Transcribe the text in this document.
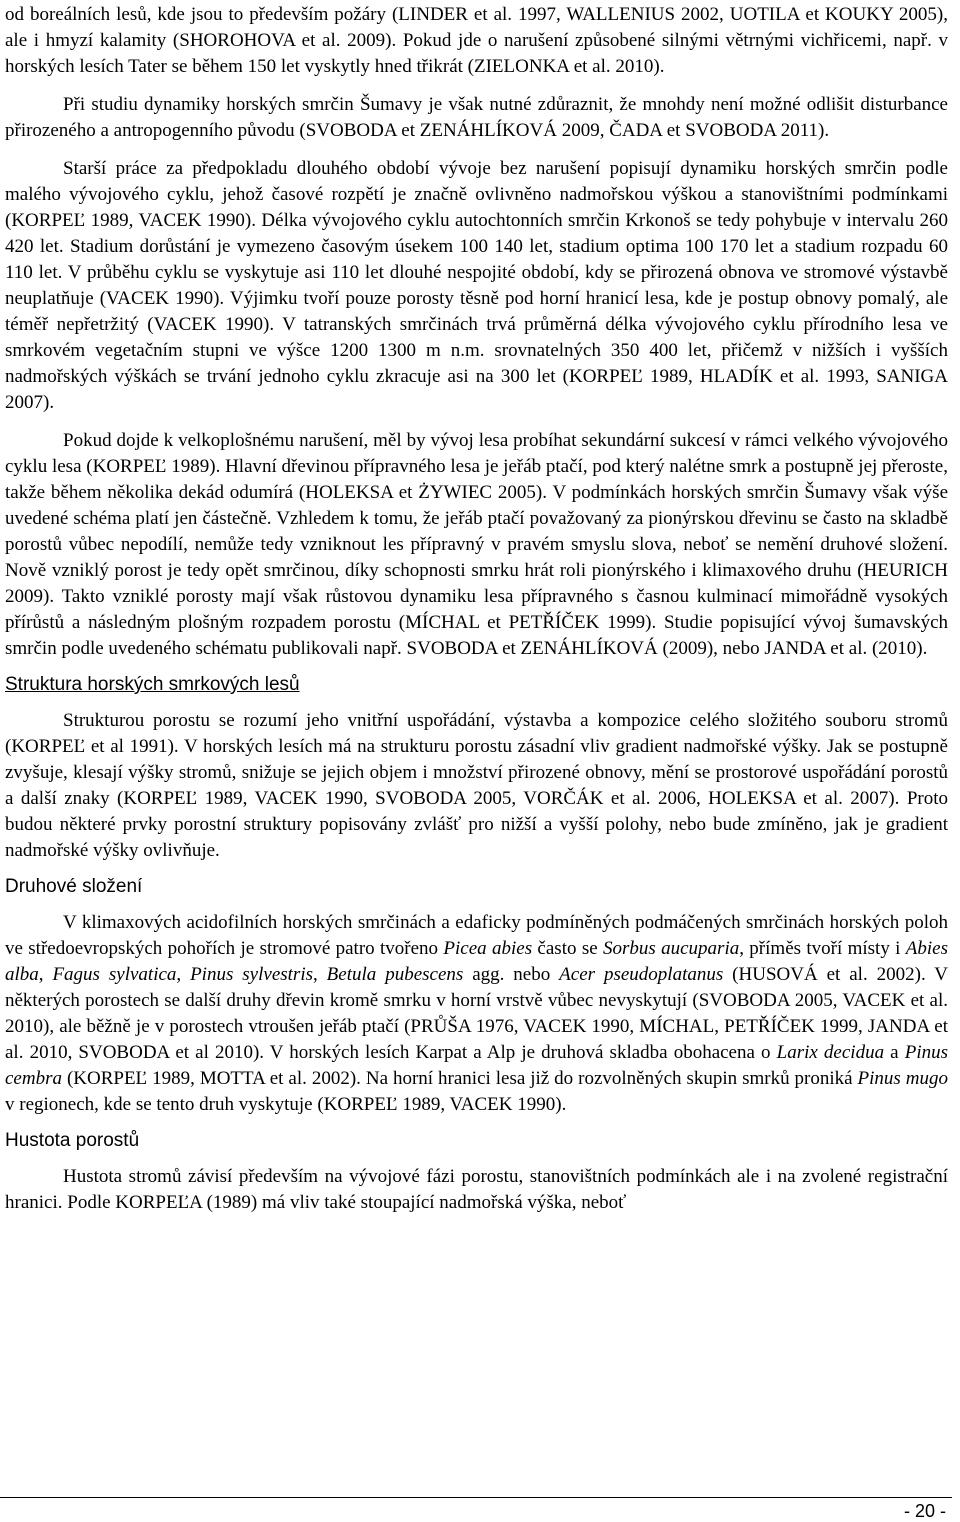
od boreálních lesů, kde jsou to především požáry (LINDER et al. 1997, WALLENIUS 2002, UOTILA et KOUKY 2005), ale i hmyzí kalamity (SHOROHOVA et al. 2009). Pokud jde o narušení způsobené silnými větrnými vichřicemi, např. v horských lesích Tater se během 150 let vyskytly hned třikrát (ZIELONKA et al. 2010).

Při studiu dynamiky horských smrčin Šumavy je však nutné zdůraznit, že mnohdy není možné odlišit disturbance přirozeného a antropogenního původu (SVOBODA et ZENÁHLÍKOVÁ 2009, ČADA et SVOBODA 2011).

Starší práce za předpokladu dlouhého období vývoje bez narušení popisují dynamiku horských smrčin podle malého vývojového cyklu, jehož časové rozpětí je značně ovlivněno nadmořskou výškou a stanovištními podmínkami (KORPEĽ 1989, VACEK 1990). Délka vývojového cyklu autochtonních smrčin Krkonoš se tedy pohybuje v intervalu 260 420 let. Stadium dorůstání je vymezeno časovým úsekem 100 140 let, stadium optima 100 170 let a stadium rozpadu 60 110 let. V průběhu cyklu se vyskytuje asi 110 let dlouhé nespojité období, kdy se přirozená obnova ve stromové výstavbě neuplatňuje (VACEK 1990). Výjimku tvoří pouze porosty těsně pod horní hranicí lesa, kde je postup obnovy pomalý, ale téměř nepřetržitý (VACEK 1990). V tatranských smrčinách trvá průměrná délka vývojového cyklu přírodního lesa ve smrkovém vegetačním stupni ve výšce 1200 1300 m n.m. srovnatelných 350 400 let, přičemž v nižších i vyšších nadmořských výškách se trvání jednoho cyklu zkracuje asi na 300 let (KORPEĽ 1989, HLADÍK et al. 1993, SANIGA 2007).

Pokud dojde k velkoplošnému narušení, měl by vývoj lesa probíhat sekundární sukcesí v rámci velkého vývojového cyklu lesa (KORPEĽ 1989). Hlavní dřevinou přípravného lesa je jeřáb ptačí, pod který nalétne smrk a postupně jej přeroste, takže během několika dekád odumírá (HOLEKSA et ŻYWIEC 2005). V podmínkách horských smrčin Šumavy však výše uvedené schéma platí jen částečně. Vzhledem k tomu, že jeřáb ptačí považovaný za pionýrskou dřevinu se často na skladbě porostů vůbec nepodílí, nemůže tedy vzniknout les přípravný v pravém smyslu slova, neboť se nemění druhové složení. Nově vzniklý porost je tedy opět smrčinou, díky schopnosti smrku hrát roli pionýrského i klimaxového druhu (HEURICH 2009). Takto vzniklé porosty mají však růstovou dynamiku lesa přípravného s časnou kulminací mimořádně vysokých přírůstů a následným plošným rozpadem porostu (MÍCHAL et PETŘÍČEK 1999). Studie popisující vývoj šumavských smrčin podle uvedeného schématu publikovali např. SVOBODA et ZENÁHLÍKOVÁ (2009), nebo JANDA et al. (2010).

Struktura horských smrkových lesů

Strukturou porostu se rozumí jeho vnitřní uspořádání, výstavba a kompozice celého složitého souboru stromů (KORPEĽ et al 1991). V horských lesích má na strukturu porostu zásadní vliv gradient nadmořské výšky. Jak se postupně zvyšuje, klesají výšky stromů, snižuje se jejich objem i množství přirozené obnovy, mění se prostorové uspořádání porostů a další znaky (KORPEĽ 1989, VACEK 1990, SVOBODA 2005, VORČÁK et al. 2006, HOLEKSA et al. 2007). Proto budou některé prvky porostní struktury popisovány zvlášť pro nižší a vyšší polohy, nebo bude zmíněno, jak je gradient nadmořské výšky ovlivňuje.

Druhové složení

V klimaxových acidofilních horských smrčinách a edaficky podmíněných podmáčených smrčinách horských poloh ve středoevropských pohořích je stromové patro tvořeno Picea abies často se Sorbus aucuparia, příměs tvoří místy i Abies alba, Fagus sylvatica, Pinus sylvestris, Betula pubescens agg. nebo Acer pseudoplatanus (HUSOVÁ et al. 2002). V některých porostech se další druhy dřevin kromě smrku v horní vrstvě vůbec nevyskytují (SVOBODA 2005, VACEK et al. 2010), ale běžně je v porostech vtroušen jeřáb ptačí (PRŮŠA 1976, VACEK 1990, MÍCHAL, PETŘÍČEK 1999, JANDA et al. 2010, SVOBODA et al 2010). V horských lesích Karpat a Alp je druhová skladba obohacena o Larix decidua a Pinus cembra (KORPEĽ 1989, MOTTA et al. 2002). Na horní hranici lesa již do rozvolněných skupin smrků proniká Pinus mugo v regionech, kde se tento druh vyskytuje (KORPEĽ 1989, VACEK 1990).

Hustota porostů

Hustota stromů závisí především na vývojové fázi porostu, stanovištních podmínkách ale i na zvolené registrační hranici. Podle KORPEĽA (1989) má vliv také stoupající nadmořská výška, neboť

- 20 -
